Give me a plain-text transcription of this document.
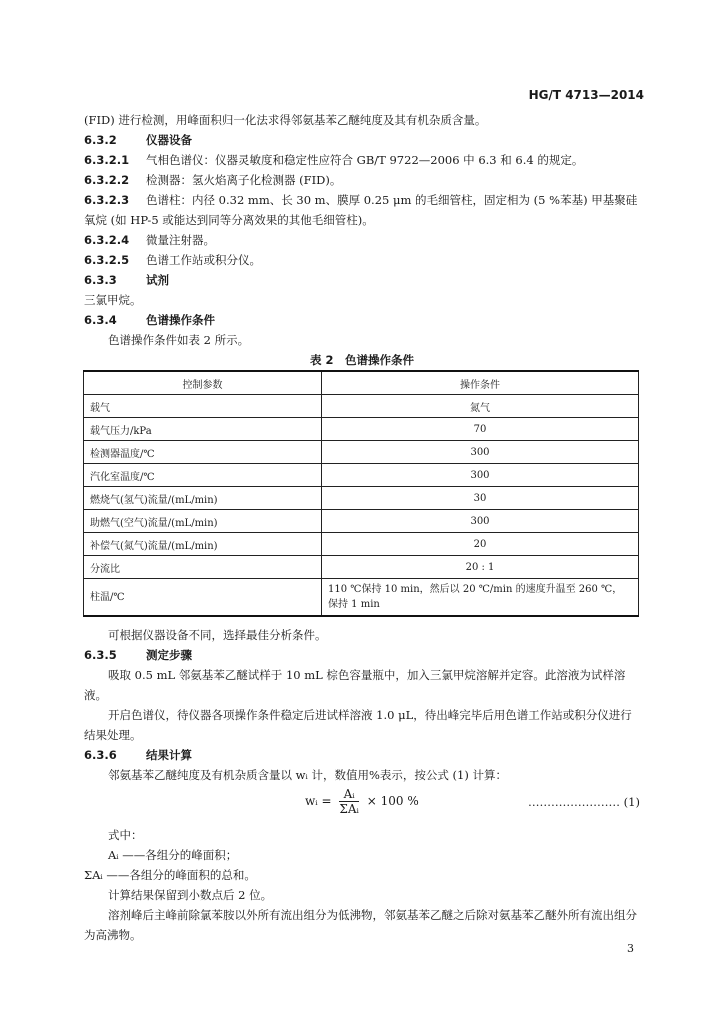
HG/T 4713—2014
(FID) 进行检测，用峰面积归一化法求得邻氨基苯乙醚纯度及其有机杂质含量。
6.3.2	仪器设备
6.3.2.1 气相色谱仪：仪器灵敏度和稳定性应符合 GB/T 9722—2006 中 6.3 和 6.4 的规定。
6.3.2.2 检测器：氢火焰离子化检测器 (FID)。
6.3.2.3 色谱柱：内径 0.32 mm、长 30 m、膜厚 0.25 μm 的毛细管柱，固定相为 (5 %苯基) 甲基聚硅氧烷 (如 HP-5 或能达到同等分离效果的其他毛细管柱)。
6.3.2.4 微量注射器。
6.3.2.5 色谱工作站或积分仪。
6.3.3	试剂
三氯甲烷。
6.3.4	色谱操作条件
色谱操作条件如表 2 所示。
表 2　色谱操作条件
控制参数	操作条件
载气	氮气
载气压力/kPa	70
检测器温度/℃	300
汽化室温度/℃	300
燃烧气(氢气)流量/(mL/min)	30
助燃气(空气)流量/(mL/min)	300
补偿气(氮气)流量/(mL/min)	20
分流比	20 : 1
柱温/℃	110 ℃保持 10 min，然后以 20 ℃/min 的速度升温至 260 ℃，保持 1 min
可根据仪器设备不同，选择最佳分析条件。
6.3.5	测定步骤
吸取 0.5 mL 邻氨基苯乙醚试样于 10 mL 棕色容量瓶中，加入三氯甲烷溶解并定容。此溶液为试样溶液。
开启色谱仪，待仪器各项操作条件稳定后进试样溶液 1.0 μL，待出峰完毕后用色谱工作站或积分仪进行结果处理。
6.3.6	结果计算
邻氨基苯乙醚纯度及有机杂质含量以 wᵢ 计，数值用%表示，按公式 (1) 计算：
wᵢ = $\frac{\text{Aᵢ}}{\text{ΣAᵢ}} \times 100$ %	…………………… (1)
式中：
Aᵢ ——各组分的峰面积；
ΣAᵢ ——各组分的峰面积的总和。
计算结果保留到小数点后 2 位。
溶剂峰后主峰前除氯苯胺以外所有流出组分为低沸物，邻氨基苯乙醚之后除对氨基苯乙醚外所有流出组分为高沸物。
3
